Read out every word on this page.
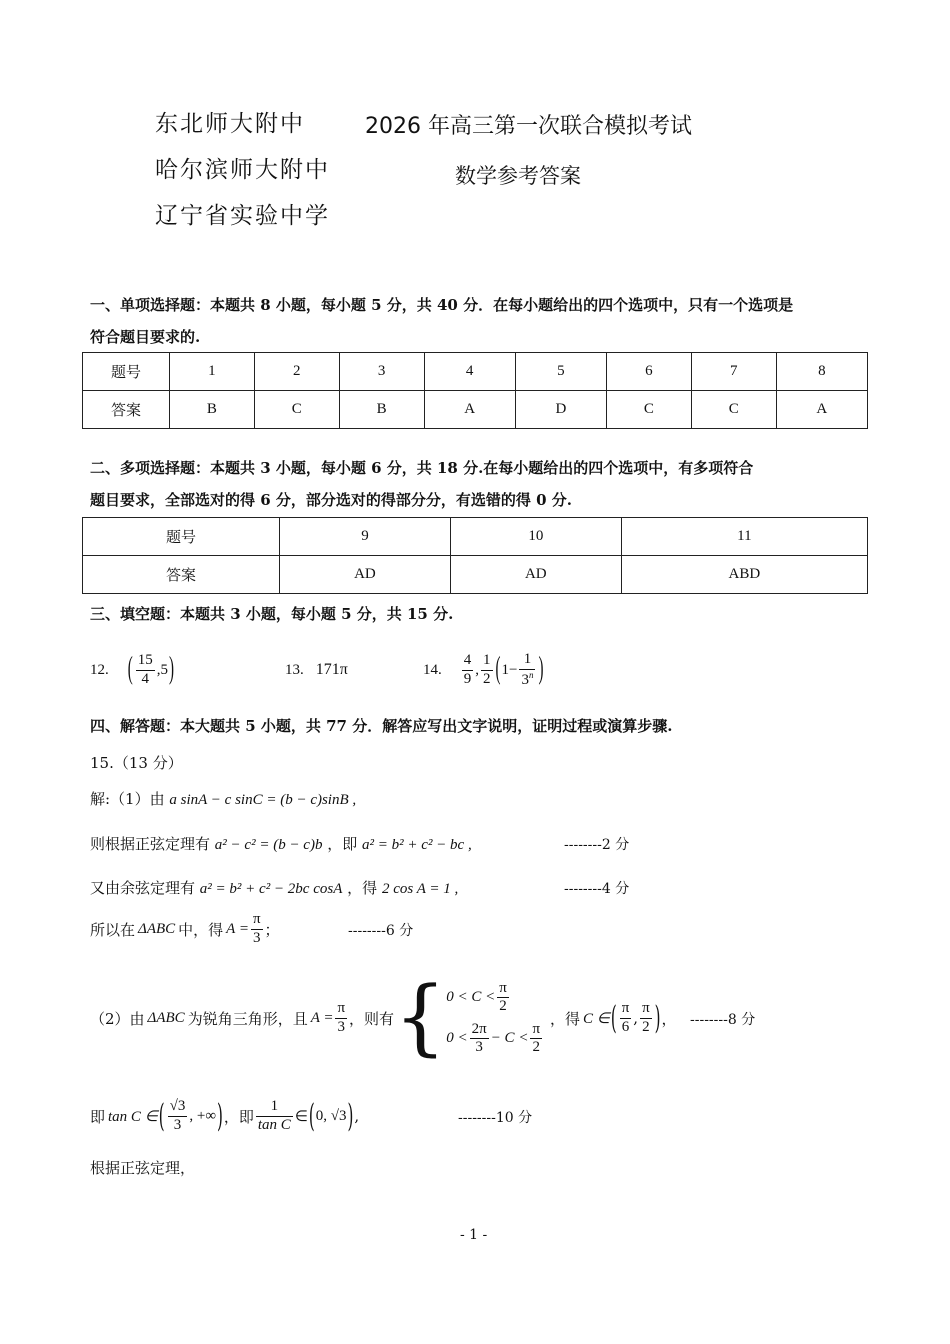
东北师大附中
哈尔滨师大附中
辽宁省实验中学
2026 年高三第一次联合模拟考试
数学参考答案
一、单项选择题：本题共 8 小题，每小题 5 分，共 40 分．在每小题给出的四个选项中，只有一个选项是
符合题目要求的.
题号	1	2	3	4	5	6	7	8
答案	B	C	B	A	D	C	C	A
二、多项选择题：本题共 3 小题，每小题 6 分，共 18 分.在每小题给出的四个选项中，有多项符合
题目要求，全部选对的得 6 分，部分选对的得部分分，有选错的得 0 分.
题号	9	10	11
答案	AD	AD	ABD
三、填空题：本题共 3 小题，每小题 5 分，共 15 分.
12. ( $\frac{15}{4} ,5$ )	13. 171π	14. $\frac{4}{9}$ , $\frac{1}{2}$ ( $1- \frac{1}{3^n}$ )
四、解答题：本大题共 5 小题，共 77 分．解答应写出文字说明，证明过程或演算步骤.
15.（13 分）
解:（1）由 a sinA − c sinC = (b − c)sinB ,
则根据正弦定理有 a² − c² = (b − c)b ，即 a² = b² + c² − bc ,	--------2 分
又由余弦定理有 a² = b² + c² − 2bc cosA ，得 2 cos A = 1 ,	--------4 分
所以在 ΔABC 中，得 $A = \frac{\pi}{3}$ ；	--------6 分
（2）由 ΔABC 为锐角三角形，且 $A = \frac{\pi}{3}$ ，则有 { $0 < C < \frac{\pi}{2}$
$0 < \frac{2\pi}{3} - C < \frac{\pi}{2}$
，得 C ∈ ( $\frac{\pi}{6}$ , $\frac{\pi}{2}$ ) ， --------8 分
即 tan C ∈ ( $\frac{√3}{3}$ , +∞ ) ，即 $\frac{1}{\text{tan C}}$ ∈ ( 0, √3 ) ,	--------10 分
根据正弦定理，
- 1 -
